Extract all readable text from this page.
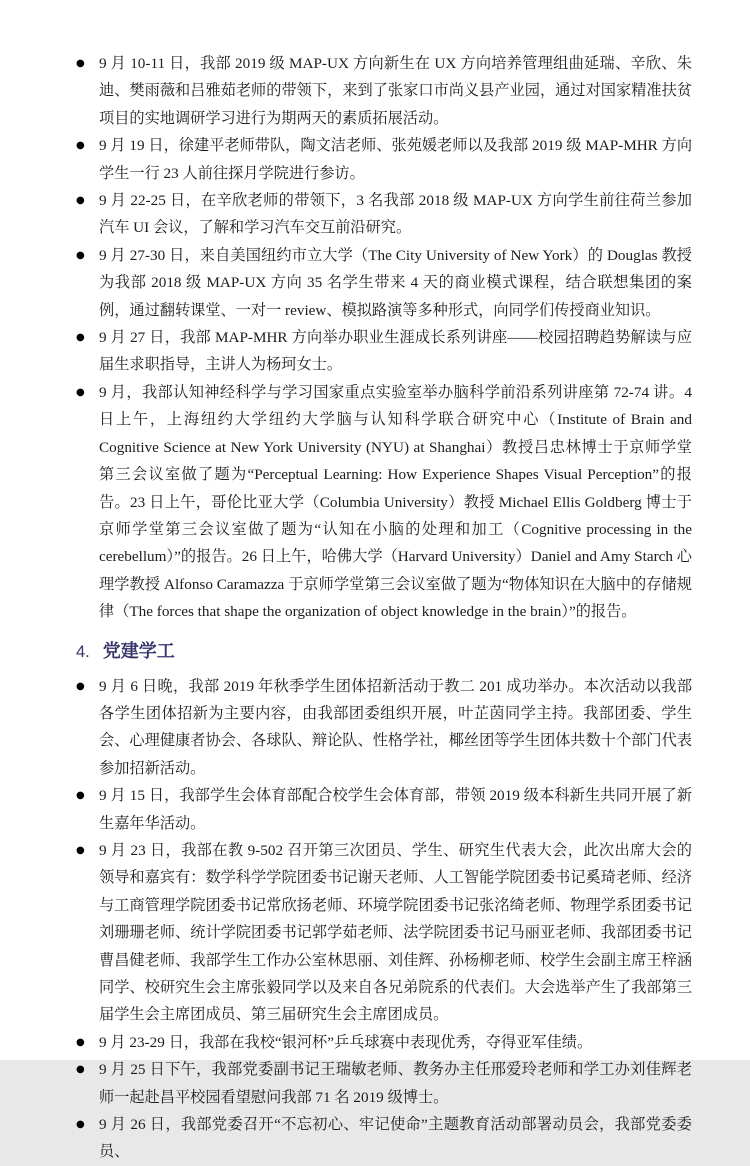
● 9 月 10-11 日，我部 2019 级 MAP-UX 方向新生在 UX 方向培养管理组曲延瑞、辛欣、朱迪、樊雨薇和吕雅茹老师的带领下，来到了张家口市尚义县产业园，通过对国家精准扶贫项目的实地调研学习进行为期两天的素质拓展活动。
● 9 月 19 日，徐建平老师带队，陶文洁老师、张苑媛老师以及我部 2019 级 MAP-MHR 方向学生一行 23 人前往探月学院进行参访。
● 9 月 22-25 日，在辛欣老师的带领下，3 名我部 2018 级 MAP-UX 方向学生前往荷兰参加汽车 UI 会议，了解和学习汽车交互前沿研究。
● 9 月 27-30 日，来自美国纽约市立大学（The City University of New York）的 Douglas 教授为我部 2018 级 MAP-UX 方向 35 名学生带来 4 天的商业模式课程，结合联想集团的案例，通过翻转课堂、一对一 review、模拟路演等多种形式，向同学们传授商业知识。
● 9 月 27 日，我部 MAP-MHR 方向举办职业生涯成长系列讲座——校园招聘趋势解读与应届生求职指导，主讲人为杨珂女士。
● 9 月，我部认知神经科学与学习国家重点实验室举办脑科学前沿系列讲座第 72-74 讲。4 日上午，上海纽约大学纽约大学脑与认知科学联合研究中心（Institute of Brain and Cognitive Science at New York University (NYU) at Shanghai）教授吕忠林博士于京师学堂第三会议室做了题为“Perceptual Learning: How Experience Shapes Visual Perception”的报告。23 日上午，哥伦比亚大学（Columbia University）教授 Michael Ellis Goldberg 博士于京师学堂第三会议室做了题为“认知在小脑的处理和加工（Cognitive processing in the cerebellum）”的报告。26 日上午，哈佛大学（Harvard University）Daniel and Amy Starch 心理学教授 Alfonso Caramazza 于京师学堂第三会议室做了题为“物体知识在大脑中的存储规律（The forces that shape the organization of object knowledge in the brain）”的报告。
4. 党建学工
● 9 月 6 日晚，我部 2019 年秋季学生团体招新活动于教二 201 成功举办。本次活动以我部各学生团体招新为主要内容，由我部团委组织开展，叶芷茵同学主持。我部团委、学生会、心理健康者协会、各球队、辩论队、性格学社，椰丝团等学生团体共数十个部门代表参加招新活动。
● 9 月 15 日，我部学生会体育部配合校学生会体育部，带领 2019 级本科新生共同开展了新生嘉年华活动。
● 9 月 23 日，我部在教 9-502 召开第三次团员、学生、研究生代表大会，此次出席大会的领导和嘉宾有：数学科学学院团委书记谢天老师、人工智能学院团委书记奚琦老师、经济与工商管理学院团委书记常欣扬老师、环境学院团委书记张洺绮老师、物理学系团委书记刘珊珊老师、统计学院团委书记郭学茹老师、法学院团委书记马丽亚老师、我部团委书记曹昌健老师、我部学生工作办公室林思丽、刘佳辉、孙杨柳老师、校学生会副主席王梓涵同学、校研究生会主席张毅同学以及来自各兄弟院系的代表们。大会选举产生了我部第三届学生会主席团成员、第三届研究生会主席团成员。
● 9 月 23-29 日，我部在我校“银河杯”乒乓球赛中表现优秀，夺得亚军佳绩。
● 9 月 25 日下午，我部党委副书记王瑞敏老师、教务办主任邢爱玲老师和学工办刘佳辉老师一起赴昌平校园看望慰问我部 71 名 2019 级博士。
● 9 月 26 日，我部党委召开“不忘初心、牢记使命”主题教育活动部署动员会，我部党委委员、
